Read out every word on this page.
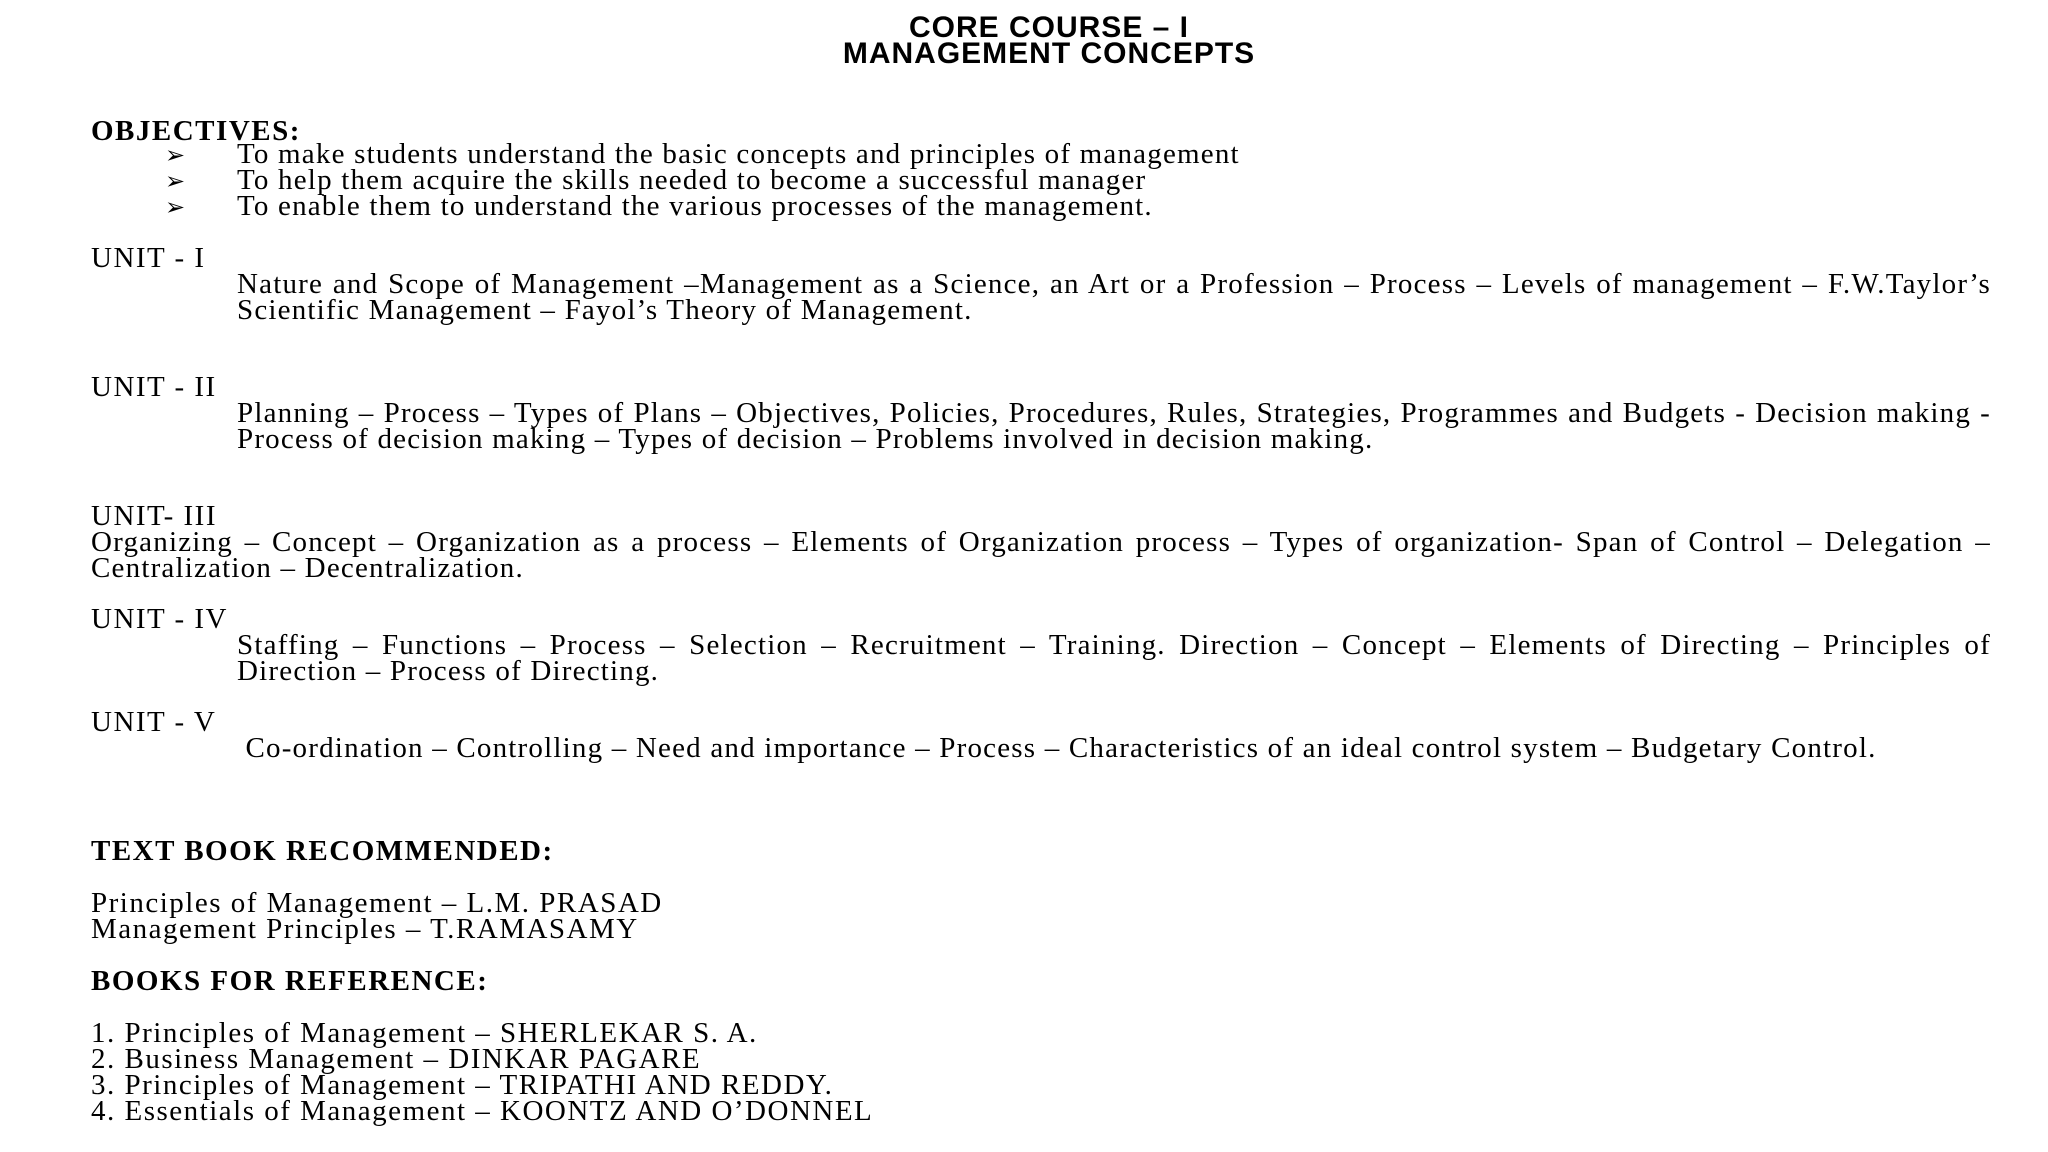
CORE COURSE – I
MANAGEMENT CONCEPTS
OBJECTIVES:
➢ To make students understand the basic concepts and principles of management
➢ To help them acquire the skills needed to become a successful manager
➢ To enable them to understand the various processes of the management.
UNIT - I
Nature and Scope of Management –Management as a Science, an Art or a Profession – Process – Levels of management – F.W.Taylor’s Scientific Management – Fayol’s Theory of Management.
UNIT - II
Planning – Process – Types of Plans – Objectives, Policies, Procedures, Rules, Strategies, Programmes and Budgets - Decision making - Process of decision making – Types of decision – Problems involved in decision making.
UNIT- III
Organizing – Concept – Organization as a process – Elements of Organization process – Types of organization- Span of Control – Delegation – Centralization – Decentralization.
UNIT - IV
Staffing – Functions – Process – Selection – Recruitment – Training. Direction – Concept – Elements of Directing – Principles of Direction – Process of Directing.
UNIT - V
Co-ordination – Controlling – Need and importance – Process – Characteristics of an ideal control system – Budgetary Control.
TEXT BOOK RECOMMENDED:
Principles of Management – L.M. PRASAD
Management Principles – T.RAMASAMY
BOOKS FOR REFERENCE:
1. Principles of Management – SHERLEKAR S. A.
2. Business Management – DINKAR PAGARE
3. Principles of Management – TRIPATHI AND REDDY.
4. Essentials of Management – KOONTZ AND O’DONNEL
